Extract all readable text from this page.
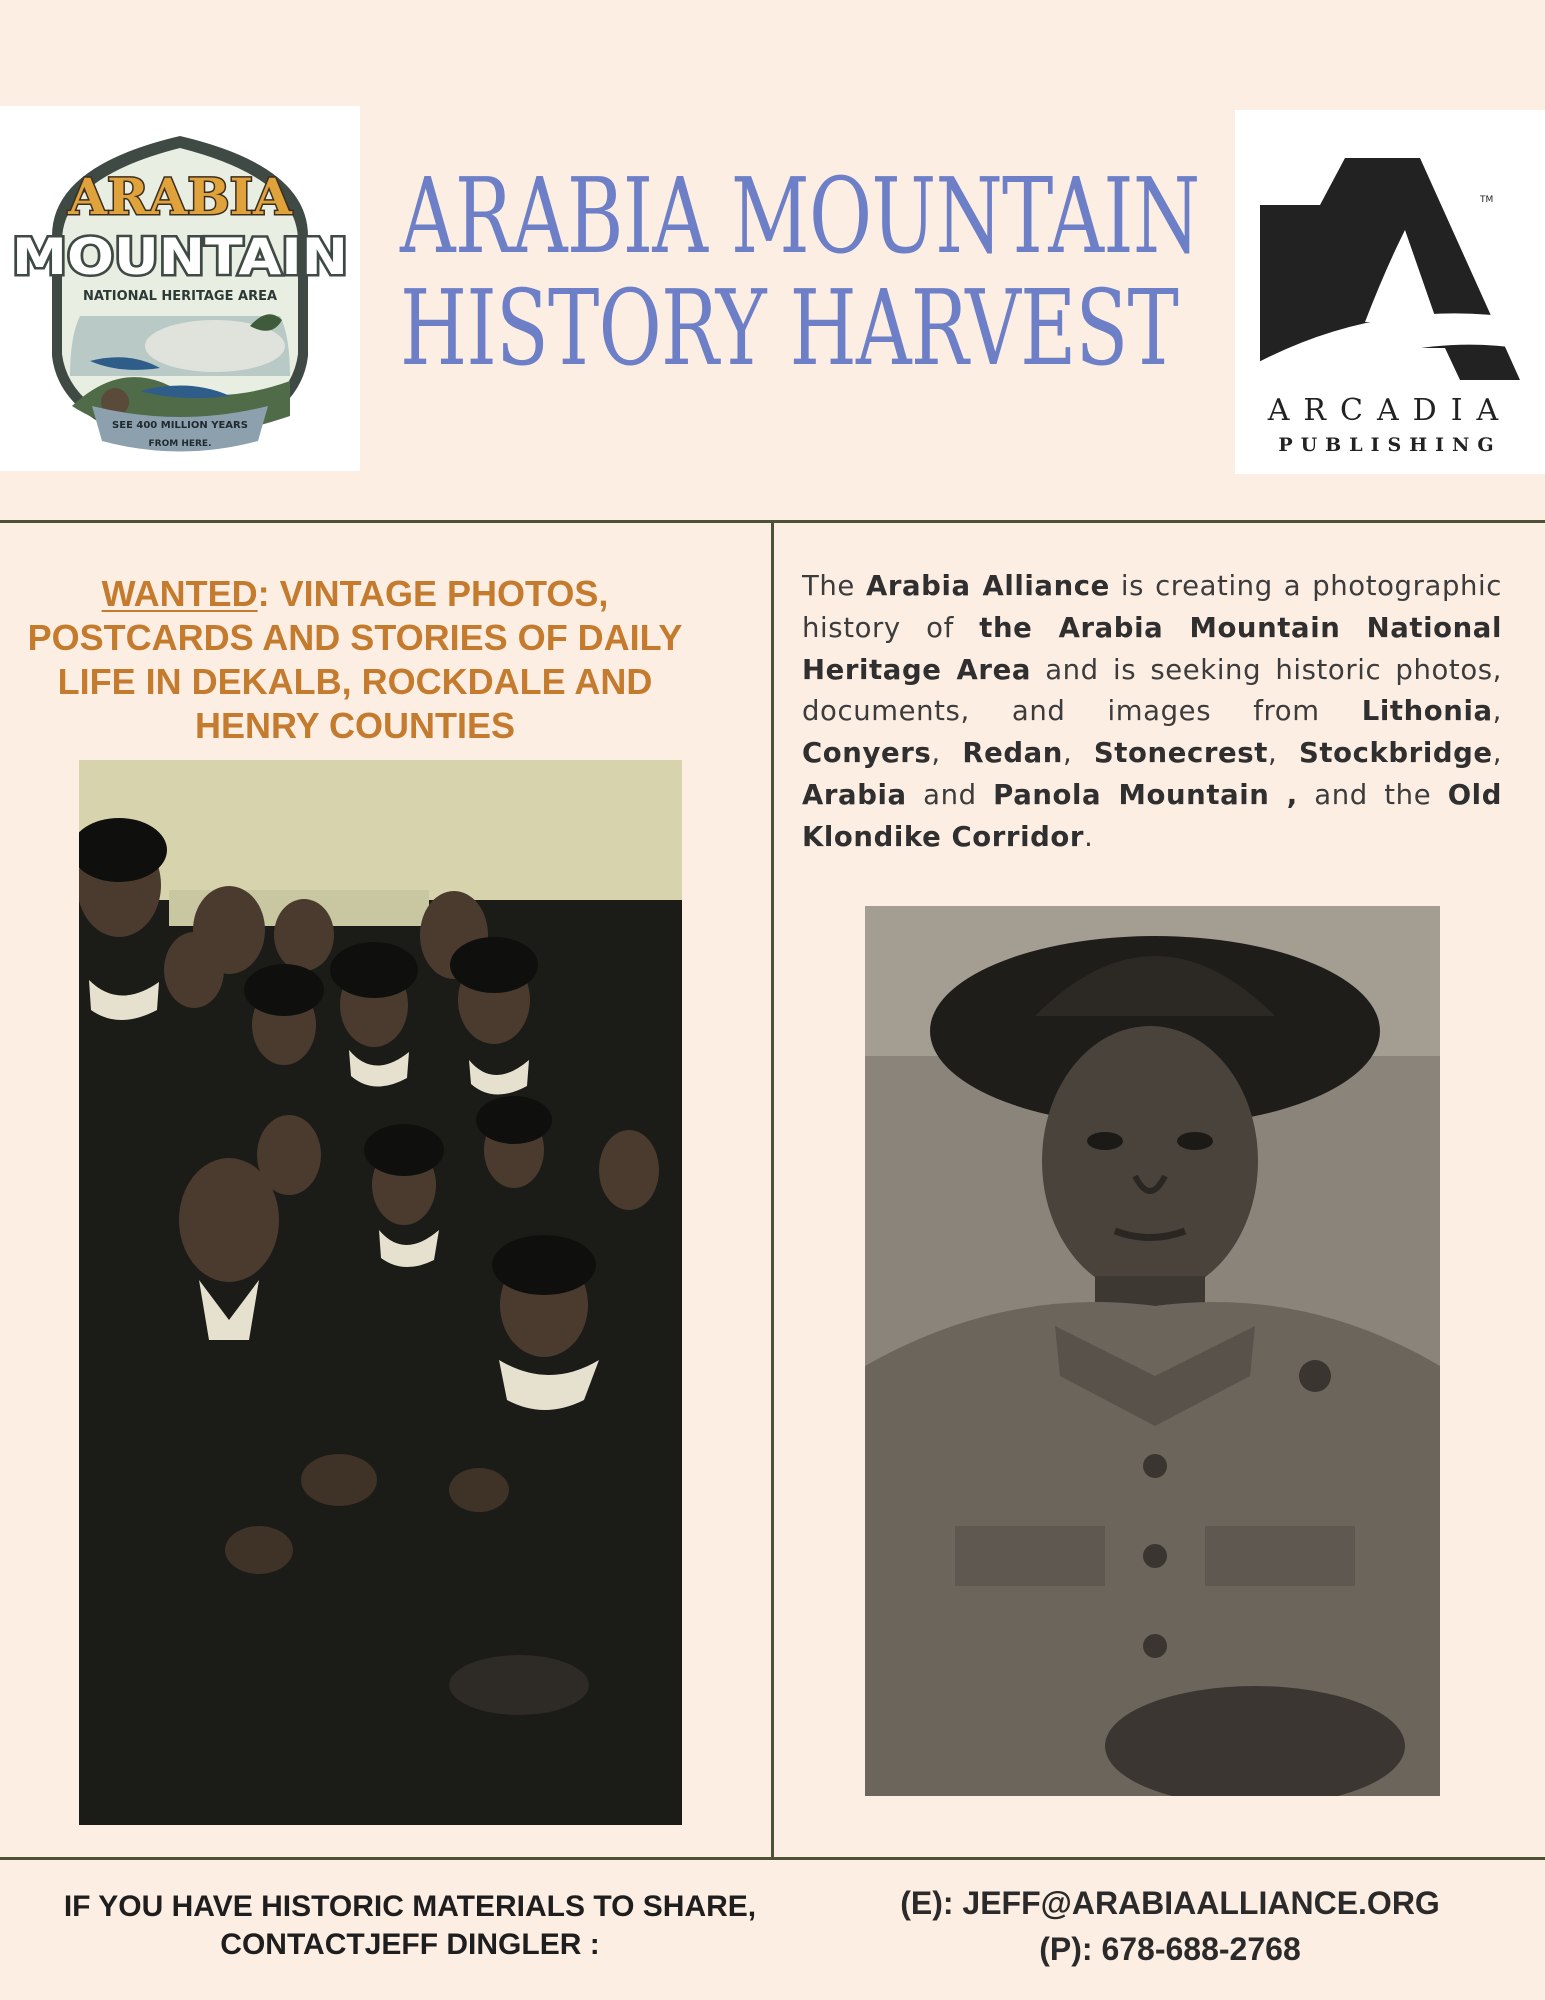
SEE 400 MILLION YEARS
FROM HERE.
ARABIA
MOUNTAIN
NATIONAL HERITAGE AREA
ARABIA MOUNTAIN
HISTORY HARVEST
TM
ARCADIA
PUBLISHING
WANTED: VINTAGE PHOTOS, POSTCARDS AND STORIES OF DAILY LIFE IN DEKALB, ROCKDALE AND HENRY COUNTIES
The Arabia Alliance is creating a photographic history of the Arabia Mountain National Heritage Area and is seeking historic photos, documents, and images from Lithonia, Conyers, Redan, Stonecrest, Stockbridge, Arabia and Panola Mountain , and the Old Klondike Corridor.
IF YOU HAVE HISTORIC MATERIALS TO SHARE,
CONTACTJEFF DINGLER :
(E): JEFF@ARABIAALLIANCE.ORG
(P): 678-688-2768
